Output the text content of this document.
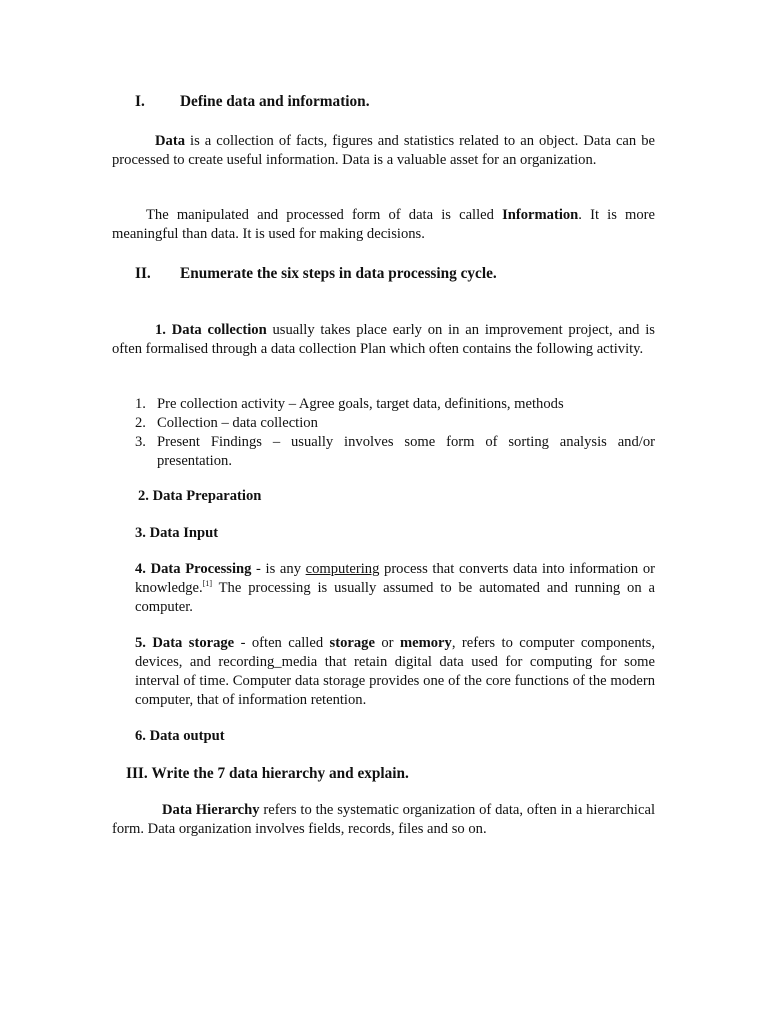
I. Define data and information.

Data is a collection of facts, figures and statistics related to an object. Data can be processed to create useful information. Data is a valuable asset for an organization.

The manipulated and processed form of data is called Information. It is more meaningful than data. It is used for making decisions.

II. Enumerate the six steps in data processing cycle.

1. Data collection usually takes place early on in an improvement project, and is often formalised through a data collection Plan which often contains the following activity.

1. Pre collection activity – Agree goals, target data, definitions, methods
2. Collection – data collection
3. Present Findings – usually involves some form of sorting analysis and/or presentation.
2. Data Preparation
3. Data Input

4. Data Processing - is any computering process that converts data into information or knowledge.[1] The processing is usually assumed to be automated and running on a computer.

5. Data storage - often called storage or memory, refers to computer components, devices, and recording_media that retain digital data used for computing for some interval of time. Computer data storage provides one of the core functions of the modern computer, that of information retention.

6. Data output
III. Write the 7 data hierarchy and explain.

Data Hierarchy refers to the systematic organization of data, often in a hierarchical form. Data organization involves fields, records, files and so on.
